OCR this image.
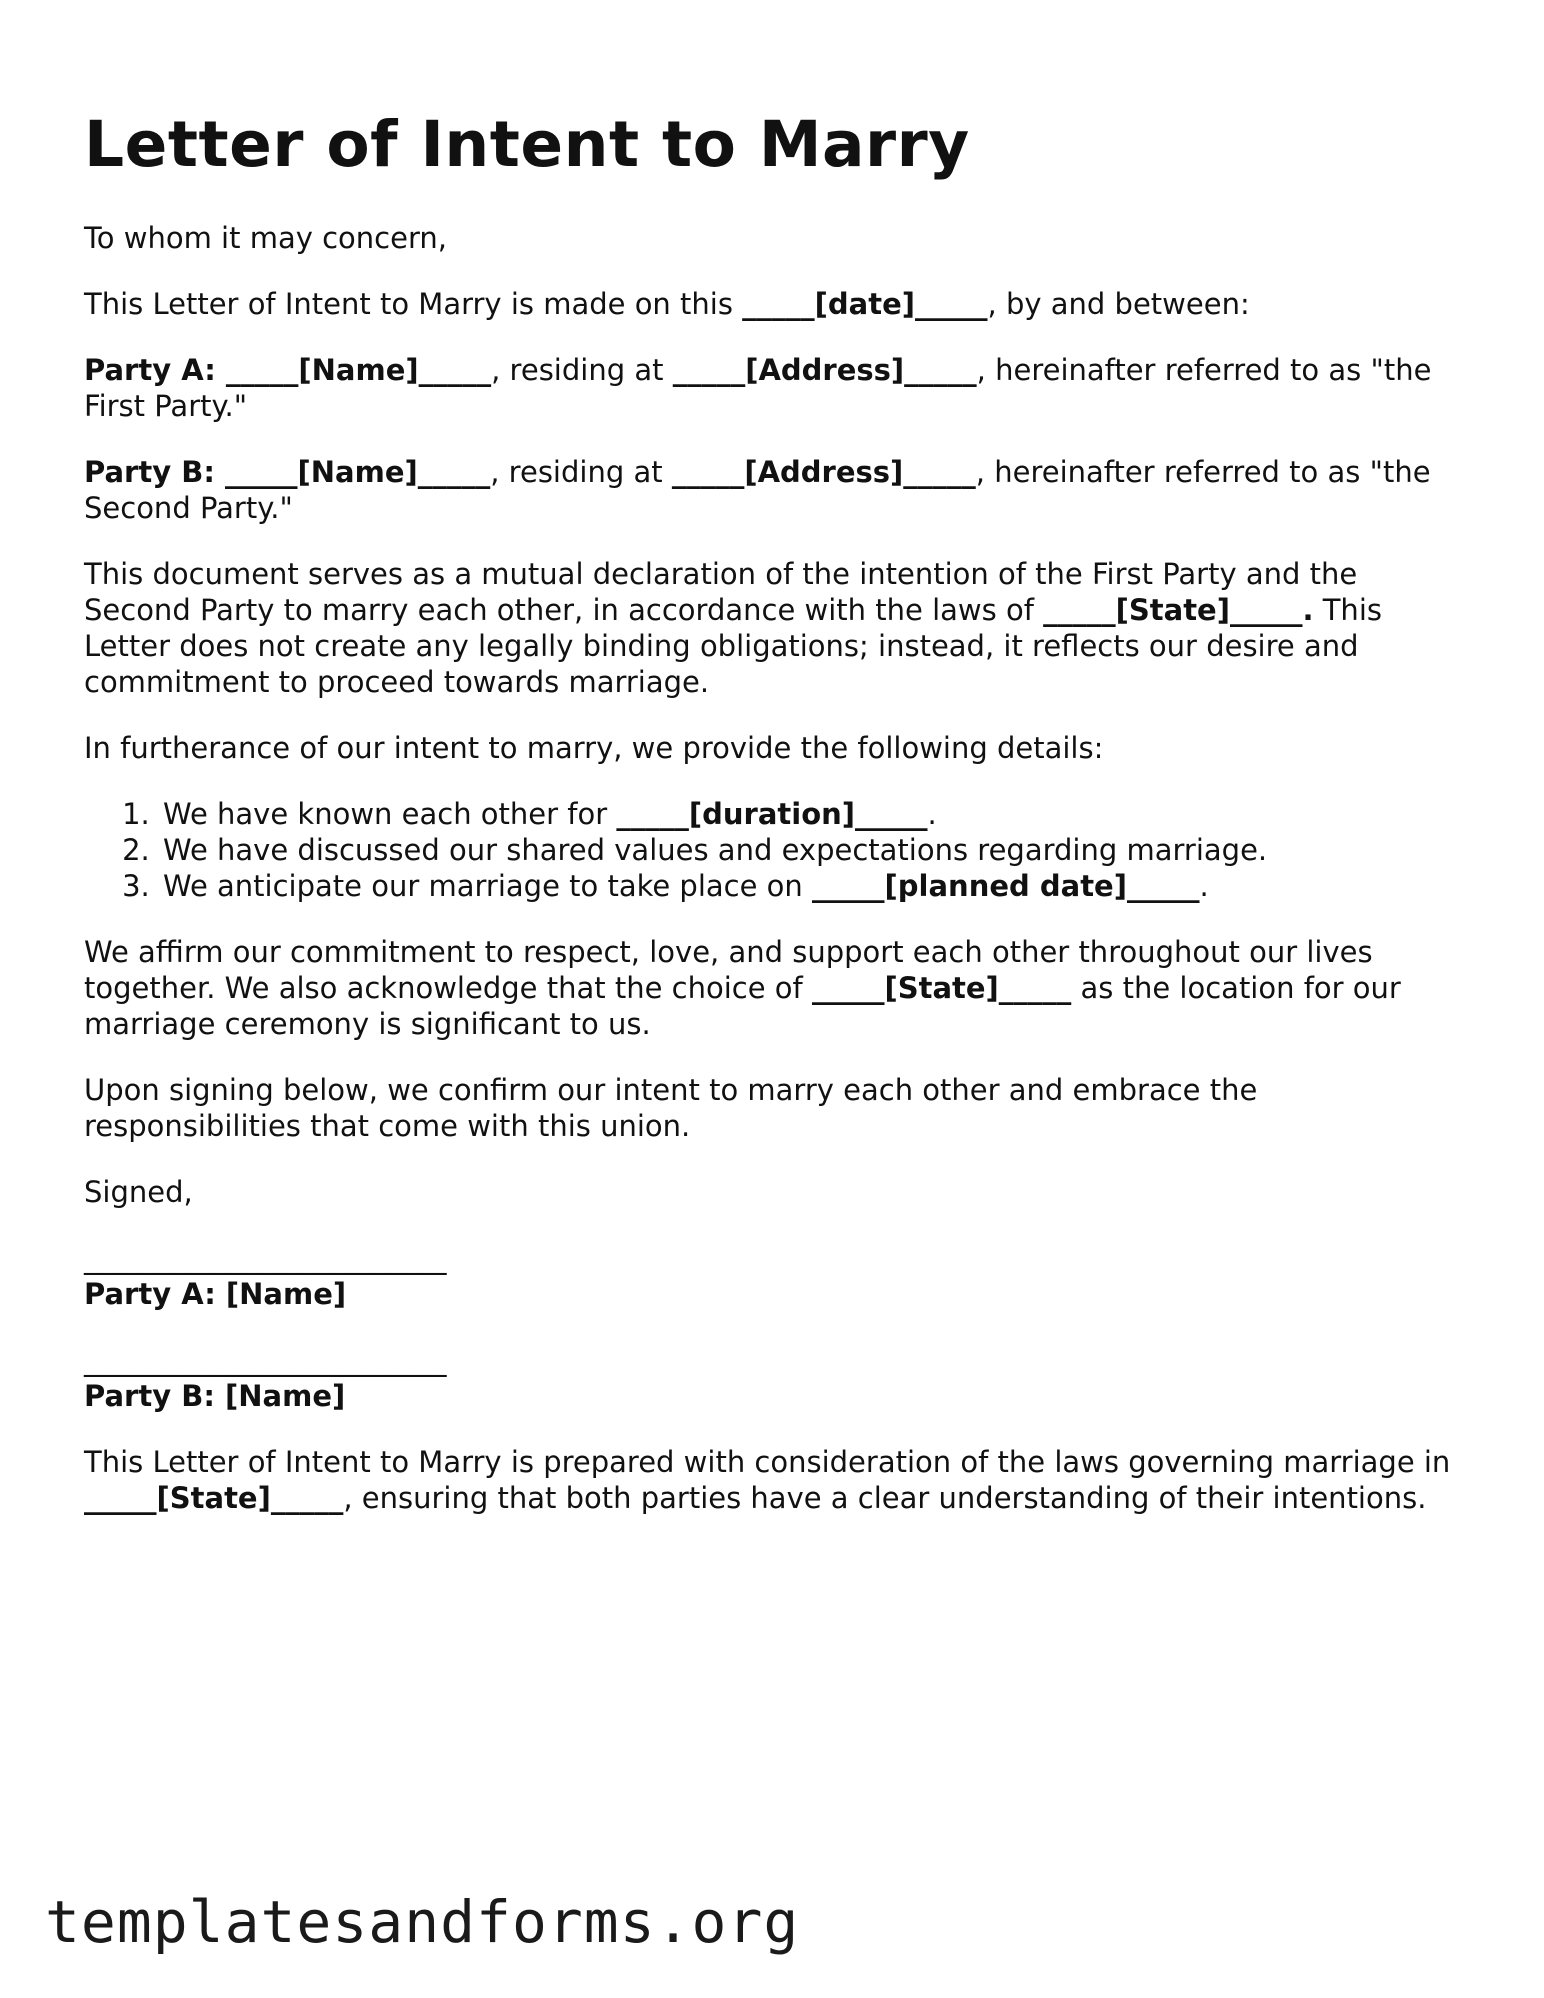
Letter of Intent to Marry

To whom it may concern,

This Letter of Intent to Marry is made on this _____[date]_____, by and between:

Party A: _____[Name]_____, residing at _____[Address]_____, hereinafter referred to as "the First Party."

Party B: _____[Name]_____, residing at _____[Address]_____, hereinafter referred to as "the Second Party."

This document serves as a mutual declaration of the intention of the First Party and the Second Party to marry each other, in accordance with the laws of _____[State]_____. This Letter does not create any legally binding obligations; instead, it reflects our desire and commitment to proceed towards marriage.

In furtherance of our intent to marry, we provide the following details:

1. We have known each other for _____[duration]_____.
2. We have discussed our shared values and expectations regarding marriage.
3. We anticipate our marriage to take place on _____[planned date]_____.

We affirm our commitment to respect, love, and support each other throughout our lives together. We also acknowledge that the choice of _____[State]_____ as the location for our marriage ceremony is significant to us.

Upon signing below, we confirm our intent to marry each other and embrace the responsibilities that come with this union.

Signed,

_________________________
Party A: [Name]
_________________________
Party B: [Name]

This Letter of Intent to Marry is prepared with consideration of the laws governing marriage in _____[State]_____, ensuring that both parties have a clear understanding of their intentions.

templatesandforms.org
